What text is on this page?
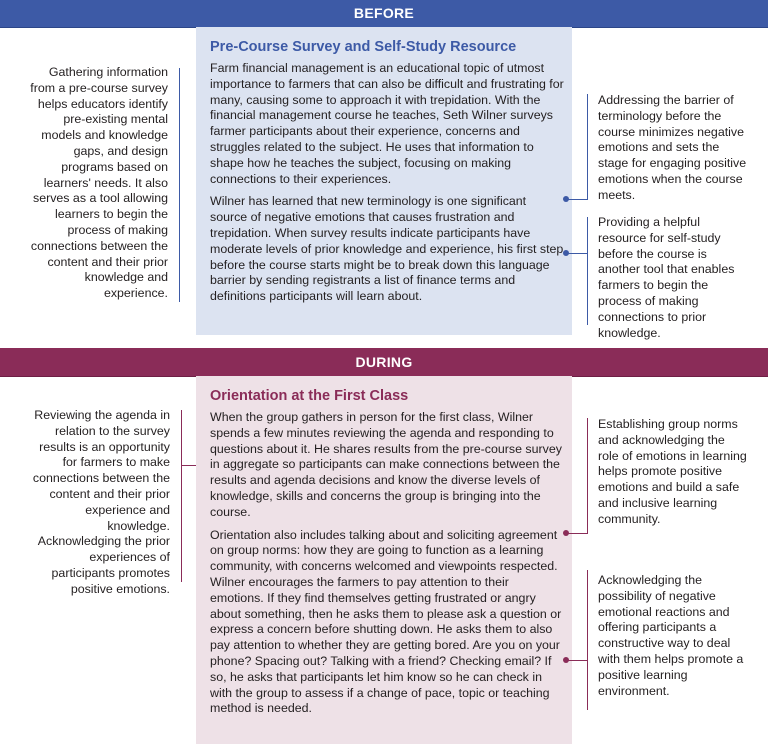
BEFORE
Gathering information from a pre-course survey helps educators identify pre-existing mental models and knowledge gaps, and design programs based on learners' needs. It also serves as a tool allowing learners to begin the process of making connections between the content and their prior knowledge and experience.
Pre-Course Survey and Self-Study Resource

Farm financial management is an educational topic of utmost importance to farmers that can also be difficult and frustrating for many, causing some to approach it with trepidation. With the financial management course he teaches, Seth Wilner surveys farmer participants about their experience, concerns and struggles related to the subject. He uses that information to shape how he teaches the subject, focusing on making connections to their experiences.

Wilner has learned that new terminology is one significant source of negative emotions that causes frustration and trepidation. When survey results indicate participants have moderate levels of prior knowledge and experience, his first step before the course starts might be to break down this language barrier by sending registrants a list of finance terms and definitions participants will learn about.

Addressing the barrier of terminology before the course minimizes negative emotions and sets the stage for engaging positive emotions when the course meets.
Providing a helpful resource for self-study before the course is another tool that enables farmers to begin the process of making connections to prior knowledge.
DURING
Reviewing the agenda in relation to the survey results is an opportunity for farmers to make connections between the content and their prior experience and knowledge. Acknowledging the prior experiences of participants promotes positive emotions.
Orientation at the First Class

When the group gathers in person for the first class, Wilner spends a few minutes reviewing the agenda and responding to questions about it. He shares results from the pre-course survey in aggregate so participants can make connections between the results and agenda decisions and know the diverse levels of knowledge, skills and concerns the group is bringing into the course.

Orientation also includes talking about and soliciting agreement on group norms: how they are going to function as a learning community, with concerns welcomed and viewpoints respected. Wilner encourages the farmers to pay attention to their emotions. If they find themselves getting frustrated or angry about something, then he asks them to please ask a question or express a concern before shutting down. He asks them to also pay attention to whether they are getting bored. Are you on your phone? Spacing out? Talking with a friend? Checking email? If so, he asks that participants let him know so he can check in with the group to assess if a change of pace, topic or teaching method is needed.

Establishing group norms and acknowledging the role of emotions in learning helps promote positive emotions and build a safe and inclusive learning community.
Acknowledging the possibility of negative emotional reactions and offering participants a constructive way to deal with them helps promote a positive learning environment.
